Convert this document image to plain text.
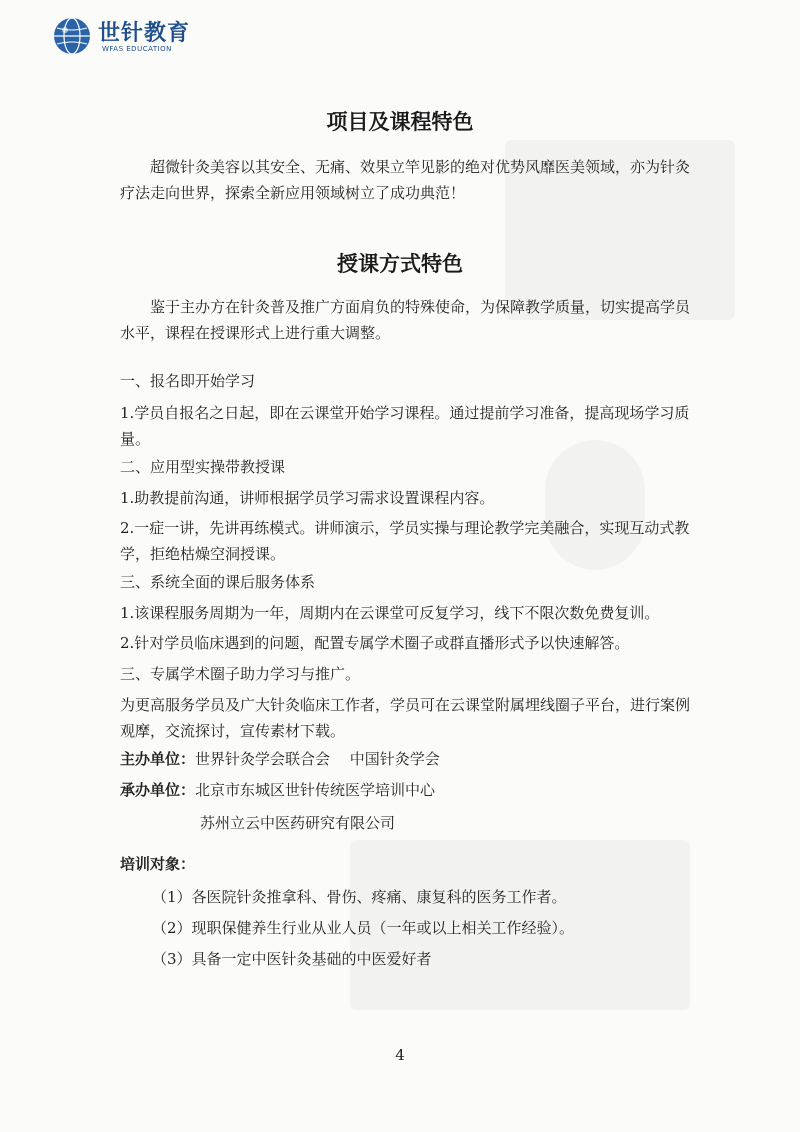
世针教育
WFAS EDUCATION
项目及课程特色
超微针灸美容以其安全、无痛、效果立竿见影的绝对优势风靡医美领域，亦为针灸疗法走向世界，探索全新应用领域树立了成功典范！
授课方式特色
鉴于主办方在针灸普及推广方面肩负的特殊使命，为保障教学质量，切实提高学员水平，课程在授课形式上进行重大调整。
一、报名即开始学习
1.学员自报名之日起，即在云课堂开始学习课程。通过提前学习准备，提高现场学习质量。
二、应用型实操带教授课
1.助教提前沟通，讲师根据学员学习需求设置课程内容。
2.一症一讲，先讲再练模式。讲师演示，学员实操与理论教学完美融合，实现互动式教学，拒绝枯燥空洞授课。
三、系统全面的课后服务体系
1.该课程服务周期为一年，周期内在云课堂可反复学习，线下不限次数免费复训。
2.针对学员临床遇到的问题，配置专属学术圈子或群直播形式予以快速解答。
三、专属学术圈子助力学习与推广。
为更高服务学员及广大针灸临床工作者，学员可在云课堂附属埋线圈子平台，进行案例观摩，交流探讨，宣传素材下载。
主办单位：世界针灸学会联合会　 中国针灸学会
承办单位：北京市东城区世针传统医学培训中心
苏州立云中医药研究有限公司
培训对象：
（1）各医院针灸推拿科、骨伤、疼痛、康复科的医务工作者。
（2）现职保健养生行业从业人员（一年或以上相关工作经验）。
（3）具备一定中医针灸基础的中医爱好者
4
